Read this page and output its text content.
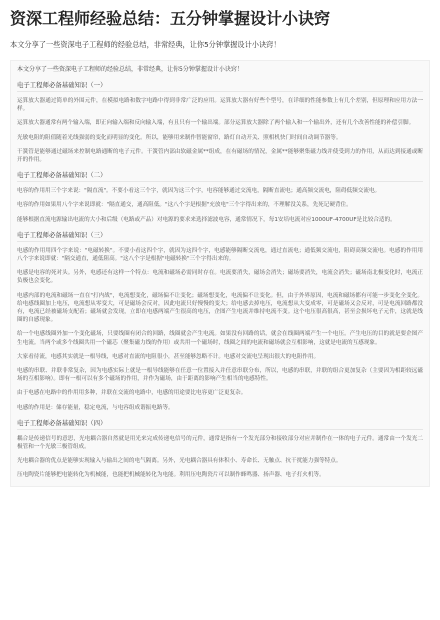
资深工程师经验总结：五分钟掌握设计小诀窍

本文分享了一些资深电子工程师的经验总结，非常经典，让你5分钟掌握设计小诀窍！

本文分享了一些资深电子工程师的经验总结，非常经典，让你5分钟掌握设计小诀窍！

电子工程师必备基础知识（一）

运算放大器通过简单的外围元件，在模拟电路和数字电路中得到非常广泛的应用。运算放大器有好些个型号，在详细的性能参数上有几个差别，但原理和应用方法一样。

运算放大器通常有两个输入端，即正向输入端和反向输入端，有且只有一个输出端。部分运算放大器除了两个输入和一个输出外，还有几个改善性能的补偿引脚。

光敏电阻的阻值随着光线强弱的变化而明显的变化。所以，能够用来制作智能窗帘，路灯自动开关、照相机快门时间自动调节器等。

干簧管是能够通过磁场来控制电路通断的电子元件。干簧管内部由软磁金属**组成，在有磁场的情况，金属**能够聚集磁力线并使受到力的作用，从而达到接通或断开的作用。

电子工程师必备基础知识（二）

电容的作用用三个字来说："隔直流"。不要小看这三个字，就因为这三个字，电容能够通过交流电，隔断直流电；通高频交流电，阻碍低频交流电。

电容的作用如果用八个字来说即就："隔直通交，通高阻低。"这八个字是根据"充放电"三个字得出来的，不理解没关系，先死记硬背住。

能够根据直流电源输出电流的大小和后级（电路或产品）对电源的要求来选择滤波电容，通常情况下，每1安培电流对应1000UF-4700UF是比较合适的。

电子工程师必备基础知识（三）

电感的作用用四个字来说："电磁转换"。不要小看这四个字，就因为这四个字，电感能够隔断交流电，通过直流电；通低频交流电，阻碍高频交流电。电感的作用用八个字来说即就："隔交通直，通低阻高。"这八个字是根据"电磁转换"三个字得出来的。

电感是电容的死对头。另外，电感还有这样一个特点：电流和磁场必需同时存在。电流要消失，磁场会消失；磁场要消失，电流会消失；磁场南北极变化时，电流正负极也会变化。

电感内部的电流和磁场一直在"打内战"，电流想变化，磁场偏不让变化；磁场想变化，电流偏不让变化。但，由于外界原因，电流和磁场都有可能一步变化全变化。给电感线圈加上电压，电流想从零变大，可是磁场会反对，因此电流只好慢慢的变大；给电感去掉电压，电流想从大变成零，可是磁场又会反对，可是电流回路都没有，电流已经被磁场支配着；磁场就会发现，立即在电感两端产生很高的电压，企图产生电流并维持电流不变。这个电压很高很高，甚至会损坏电子元件，这就是线圈的自感现象。

给一个电感线圈外加一个变化磁场，只要线圈有闭合的回路，线圈就会产生电流。如果没有回路的话，就会在线圈两端产生一个电压。产生电压的目的就是要企图产生电流。当两个或多个线圈共用一个磁芯（聚集磁力线的作用）或共用一个磁场时，线圈之间的电流和磁场就会互相影响，这就是电流的互感现象。

大家看待流，电感其实就是一根导线，电感对直流的电阻很小，甚至能够忽略不计。电感对交流电呈现出很大的电阻作用。

电感的串联、并联非常复杂，因为电感实际上就是一根导线能够在任意一位置接入并任意串联分布，所以，电感的串联，并联的组合更加复杂（主要因为相距较远磁场的互相影响）。即有一根可以有多个磁场的作用，并作为磁场，由于距离的影响产生相当的电感特性。

由于电感在电路中的作用用多种，并联在交流的电路中，电感的用途要比电容更广泛更复杂。

电感的作用是：储存能量，稳定电流，与电容组成谐振电路等。

电子工程师必备基础知识（四）

耦合是传递信号的意思，光电耦合器自然就是用光来完成传递电信号的元件，通常是指有一个发光部分和接收部分对应并制作在一体的电子元件。通常由一个发光二极管和一个光敏三极管组成。

光电耦合器的优点是能够实现输入与输出之间的电气隔离。另外，光电耦合器具有体积小、寿命长、无触点、抗干扰能力强等特点。

压电陶瓷片能够把电能转化为机械能，也能把机械能转化为电能。利用压电陶瓷片可以制作蜂鸣器、扬声器、电子打火机等。
